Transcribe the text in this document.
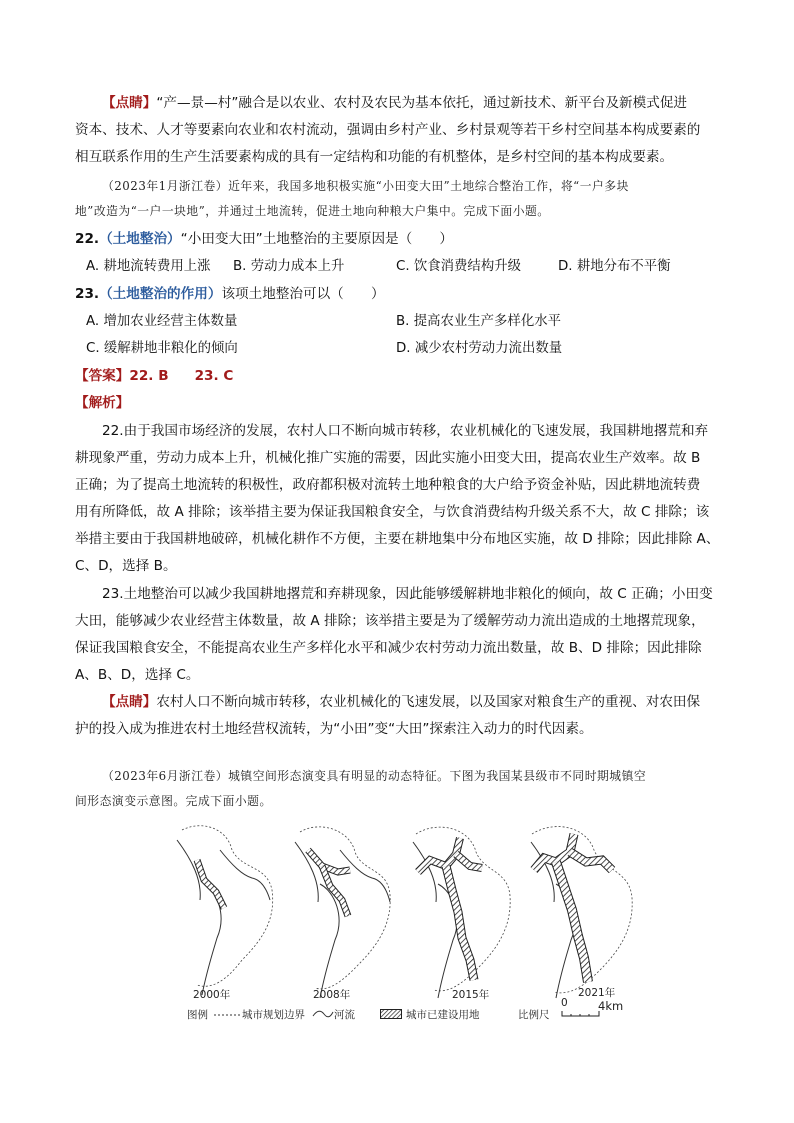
【点睛】“产—景—村”融合是以农业、农村及农民为基本依托，通过新技术、新平台及新模式促进
资本、技术、人才等要素向农业和农村流动，强调由乡村产业、乡村景观等若干乡村空间基本构成要素的
相互联系作用的生产生活要素构成的具有一定结构和功能的有机整体，是乡村空间的基本构成要素。
（2023年1月浙江卷）近年来，我国多地积极实施“小田变大田”土地综合整治工作，将“一户多块
地”改造为“一户一块地”，并通过土地流转，促进土地向种粮大户集中。完成下面小题。
22.（土地整治）“小田变大田”土地整治的主要原因是（　　）
A. 耕地流转费用上涨 B. 劳动力成本上升	C. 饮食消费结构升级	D. 耕地分布不平衡
23.（土地整治的作用）该项土地整治可以（　　）
A. 增加农业经营主体数量	B. 提高农业生产多样化水平
C. 缓解耕地非粮化的倾向	D. 减少农村劳动力流出数量
【答案】22. B 23. C
【解析】
22.由于我国市场经济的发展，农村人口不断向城市转移，农业机械化的飞速发展，我国耕地撂荒和弃
耕现象严重，劳动力成本上升，机械化推广实施的需要，因此实施小田变大田，提高农业生产效率。故 B
正确；为了提高土地流转的积极性，政府都积极对流转土地种粮食的大户给予资金补贴，因此耕地流转费
用有所降低，故 A 排除；该举措主要为保证我国粮食安全，与饮食消费结构升级关系不大，故 C 排除；该
举措主要由于我国耕地破碎，机械化耕作不方便，主要在耕地集中分布地区实施，故 D 排除；因此排除 A、
C、D，选择 B。
23.土地整治可以减少我国耕地撂荒和弃耕现象，因此能够缓解耕地非粮化的倾向，故 C 正确；小田变
大田，能够减少农业经营主体数量，故 A 排除；该举措主要是为了缓解劳动力流出造成的土地撂荒现象，
保证我国粮食安全，不能提高农业生产多样化水平和减少农村劳动力流出数量，故 B、D 排除；因此排除
A、B、D，选择 C。
【点睛】农村人口不断向城市转移，农业机械化的飞速发展，以及国家对粮食生产的重视、对农田保
护的投入成为推进农村土地经营权流转，为“小田”变“大田”探索注入动力的时代因素。
（2023年6月浙江卷）城镇空间形态演变具有明显的动态特征。下图为我国某县级市不同时期城镇空
间形态演变示意图。完成下面小题。
2000年	2008年	2015年	2021年
图例	城市规划边界	河流	城市已建设用地	比例尺
0	4km
